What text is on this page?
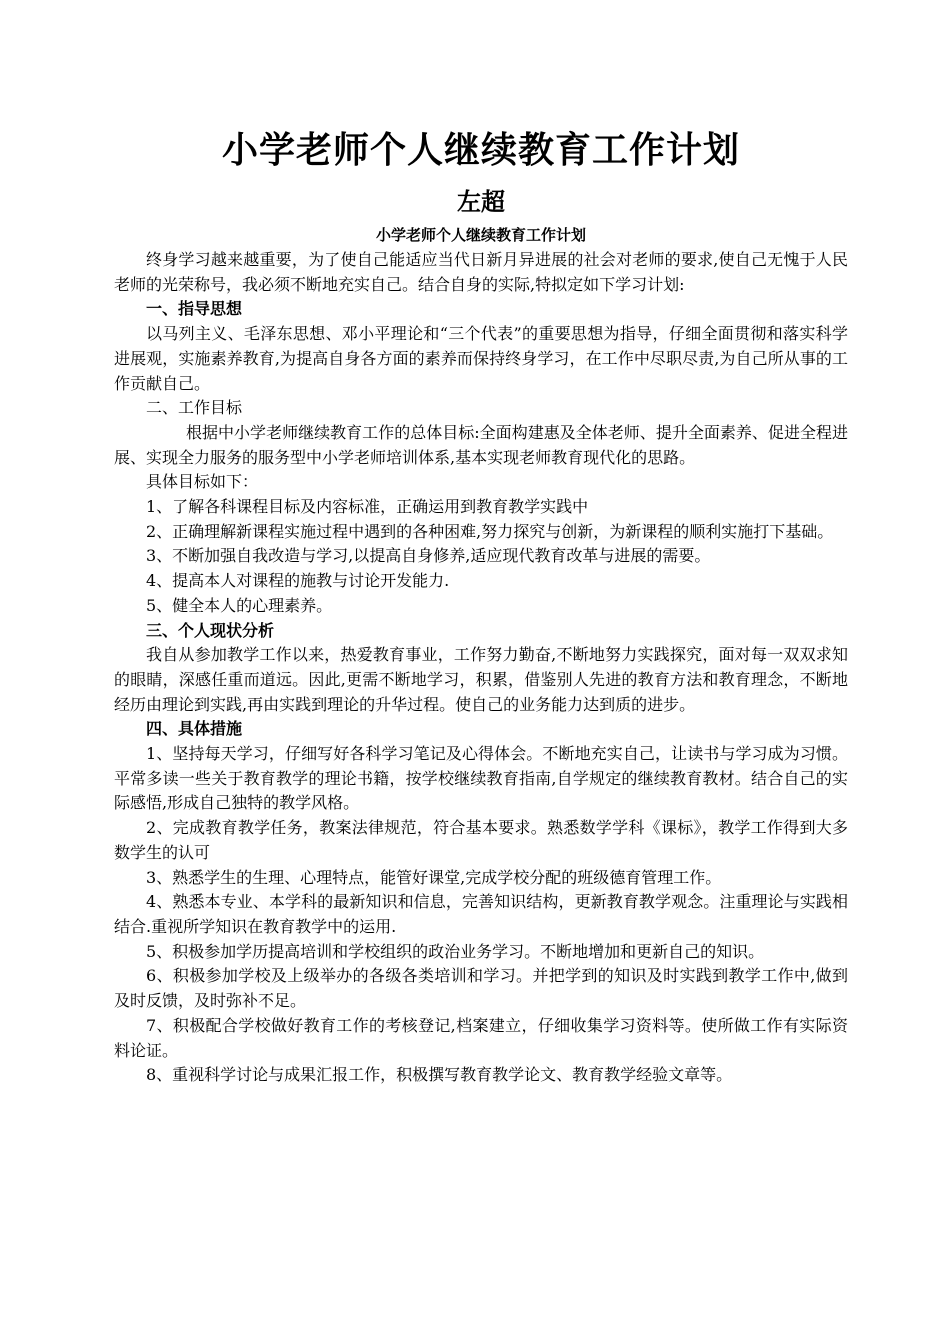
小学老师个人继续教育工作计划
左超
小学老师个人继续教育工作计划

终身学习越来越重要，为了使自己能适应当代日新月异进展的社会对老师的要求,使自己无愧于人民老师的光荣称号，我必须不断地充实自己。结合自身的实际,特拟定如下学习计划:

一、指导思想

以马列主义、毛泽东思想、邓小平理论和“三个代表”的重要思想为指导，仔细全面贯彻和落实科学进展观，实施素养教育,为提高自身各方面的素养而保持终身学习，在工作中尽职尽责,为自己所从事的工作贡献自己。

二、工作目标

根据中小学老师继续教育工作的总体目标:全面构建惠及全体老师、提升全面素养、促进全程进展、实现全力服务的服务型中小学老师培训体系,基本实现老师教育现代化的思路。

具体目标如下：

1、了解各科课程目标及内容标准，正确运用到教育教学实践中

2、正确理解新课程实施过程中遇到的各种困难,努力探究与创新，为新课程的顺利实施打下基础。

3、不断加强自我改造与学习,以提高自身修养,适应现代教育改革与进展的需要。

4、提高本人对课程的施教与讨论开发能力.

5、健全本人的心理素养。

三、个人现状分析

我自从参加教学工作以来，热爱教育事业，工作努力勤奋,不断地努力实践探究，面对每一双双求知的眼睛，深感任重而道远。因此,更需不断地学习，积累，借鉴别人先进的教育方法和教育理念，不断地经历由理论到实践,再由实践到理论的升华过程。使自己的业务能力达到质的进步。

四、具体措施

1、坚持每天学习，仔细写好各科学习笔记及心得体会。不断地充实自己，让读书与学习成为习惯。平常多读一些关于教育教学的理论书籍，按学校继续教育指南,自学规定的继续教育教材。结合自己的实际感悟,形成自己独特的教学风格。

2、完成教育教学任务，教案法律规范，符合基本要求。熟悉数学学科《课标》，教学工作得到大多数学生的认可

3、熟悉学生的生理、心理特点，能管好课堂,完成学校分配的班级德育管理工作。

4、熟悉本专业、本学科的最新知识和信息，完善知识结构，更新教育教学观念。注重理论与实践相结合.重视所学知识在教育教学中的运用.

5、积极参加学历提高培训和学校组织的政治业务学习。不断地增加和更新自己的知识。

6、积极参加学校及上级举办的各级各类培训和学习。并把学到的知识及时实践到教学工作中,做到及时反馈，及时弥补不足。

7、积极配合学校做好教育工作的考核登记,档案建立，仔细收集学习资料等。使所做工作有实际资料论证。

8、重视科学讨论与成果汇报工作，积极撰写教育教学论文、教育教学经验文章等。
